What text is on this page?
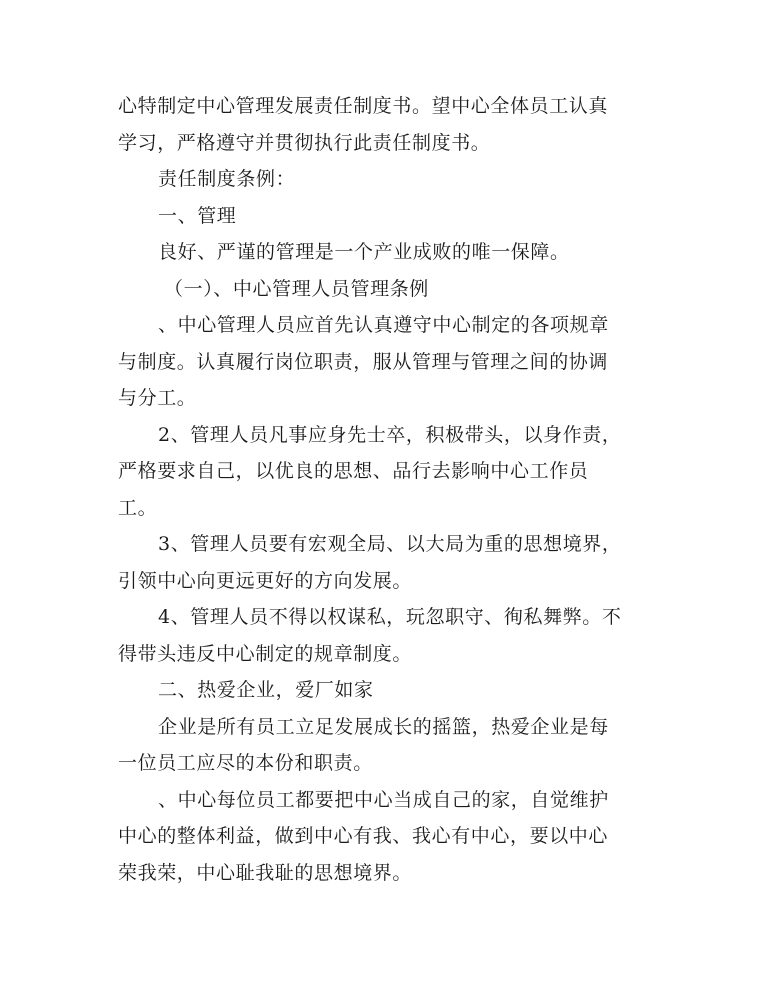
心特制定中心管理发展责任制度书。望中心全体员工认真
学习，严格遵守并贯彻执行此责任制度书。
责任制度条例：
一、管理
良好、严谨的管理是一个产业成败的唯一保障。
（一）、中心管理人员管理条例
、中心管理人员应首先认真遵守中心制定的各项规章
与制度。认真履行岗位职责，服从管理与管理之间的协调
与分工。
2、管理人员凡事应身先士卒，积极带头，以身作责，
严格要求自己，以优良的思想、品行去影响中心工作员
工。
3、管理人员要有宏观全局、以大局为重的思想境界，
引领中心向更远更好的方向发展。
4、管理人员不得以权谋私，玩忽职守、徇私舞弊。不
得带头违反中心制定的规章制度。
二、热爱企业，爱厂如家
企业是所有员工立足发展成长的摇篮，热爱企业是每
一位员工应尽的本份和职责。
、中心每位员工都要把中心当成自己的家，自觉维护
中心的整体利益，做到中心有我、我心有中心，要以中心
荣我荣，中心耻我耻的思想境界。
